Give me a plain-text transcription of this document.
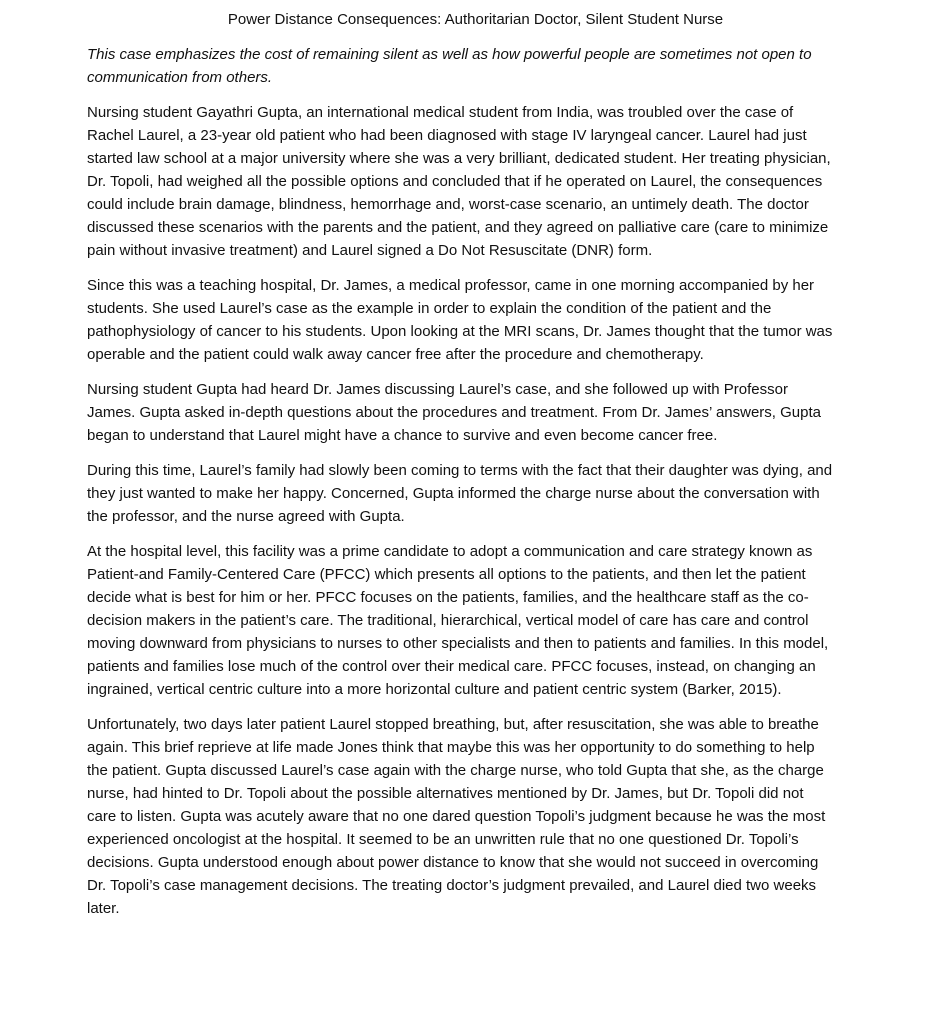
Power Distance Consequences: Authoritarian Doctor, Silent Student Nurse

This case emphasizes the cost of remaining silent as well as how powerful people are sometimes not open to communication from others.

Nursing student Gayathri Gupta, an international medical student from India, was troubled over the case of Rachel Laurel, a 23-year old patient who had been diagnosed with stage IV laryngeal cancer. Laurel had just started law school at a major university where she was a very brilliant, dedicated student. Her treating physician, Dr. Topoli, had weighed all the possible options and concluded that if he operated on Laurel, the consequences could include brain damage, blindness, hemorrhage and, worst-case scenario, an untimely death. The doctor discussed these scenarios with the parents and the patient, and they agreed on palliative care (care to minimize pain without invasive treatment) and Laurel signed a Do Not Resuscitate (DNR) form.

Since this was a teaching hospital, Dr. James, a medical professor, came in one morning accompanied by her students. She used Laurel’s case as the example in order to explain the condition of the patient and the pathophysiology of cancer to his students. Upon looking at the MRI scans, Dr. James thought that the tumor was operable and the patient could walk away cancer free after the procedure and chemotherapy.

Nursing student Gupta had heard Dr. James discussing Laurel’s case, and she followed up with Professor James. Gupta asked in-depth questions about the procedures and treatment. From Dr. James’ answers, Gupta began to understand that Laurel might have a chance to survive and even become cancer free.

During this time, Laurel’s family had slowly been coming to terms with the fact that their daughter was dying, and they just wanted to make her happy. Concerned, Gupta informed the charge nurse about the conversation with the professor, and the nurse agreed with Gupta.

At the hospital level, this facility was a prime candidate to adopt a communication and care strategy known as Patient-and Family-Centered Care (PFCC) which presents all options to the patients, and then let the patient decide what is best for him or her. PFCC focuses on the patients, families, and the healthcare staff as the co-decision makers in the patient’s care. The traditional, hierarchical, vertical model of care has care and control moving downward from physicians to nurses to other specialists and then to patients and families. In this model, patients and families lose much of the control over their medical care. PFCC focuses, instead, on changing an ingrained, vertical centric culture into a more horizontal culture and patient centric system (Barker, 2015).

Unfortunately, two days later patient Laurel stopped breathing, but, after resuscitation, she was able to breathe again. This brief reprieve at life made Jones think that maybe this was her opportunity to do something to help the patient. Gupta discussed Laurel’s case again with the charge nurse, who told Gupta that she, as the charge nurse, had hinted to Dr. Topoli about the possible alternatives mentioned by Dr. James, but Dr. Topoli did not care to listen. Gupta was acutely aware that no one dared question Topoli’s judgment because he was the most experienced oncologist at the hospital. It seemed to be an unwritten rule that no one questioned Dr. Topoli’s decisions. Gupta understood enough about power distance to know that she would not succeed in overcoming Dr. Topoli’s case management decisions. The treating doctor’s judgment prevailed, and Laurel died two weeks later.
